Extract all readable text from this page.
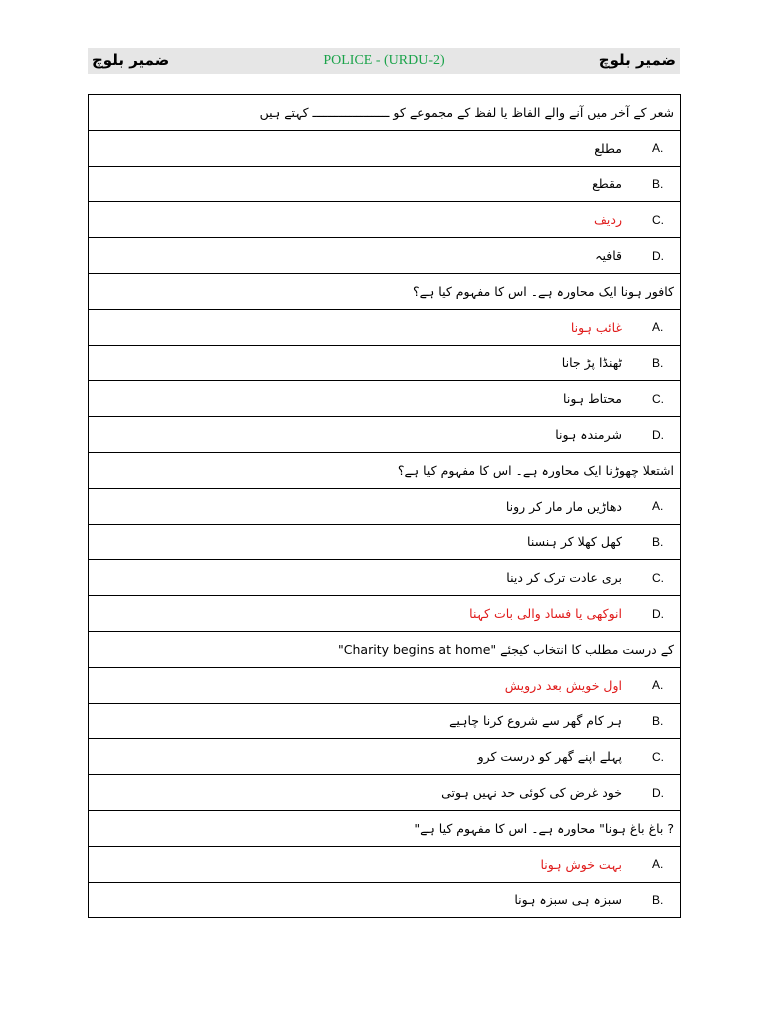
ضمیر بلوچ	POLICE - (URDU-2)	ضمیر بلوچ
شعر کے آخر میں آنے والے الفاظ یا لفظ کے مجموعے کو ـــــــــــــــــــــ کہتے ہیں

مطلع	A.

مقطع	B.

ردیف	C.

قافیہ	D.

کافور ہونا ایک محاورہ ہے۔ اس کا مفہوم کیا ہے؟

غائب ہونا	A.

ٹھنڈا پڑ جانا	B.

محتاط ہونا	C.

شرمندہ ہونا	D.

اشتعلا چھوڑنا ایک محاورہ ہے۔ اس کا مفہوم کیا ہے؟

دھاڑیں مار مار کر رونا	A.

کھل کھلا کر ہنسنا	B.

بری عادت ترک کر دینا	C.

انوکھی یا فساد والی بات کہنا	D.

کے درست مطلب کا انتخاب کیجئے "Charity begins at home"

اول خویش بعد درویش	A.

ہر کام گھر سے شروع کرنا چاہیے	B.

پہلے اپنے گھر کو درست کرو	C.

خود غرض کی کوئی حد نہیں ہوتی	D.

? باغ باغ ہونا" محاورہ ہے۔ اس کا مفہوم کیا ہے"

بہت خوش ہونا	A.

سبزہ ہی سبزہ ہونا	B.
